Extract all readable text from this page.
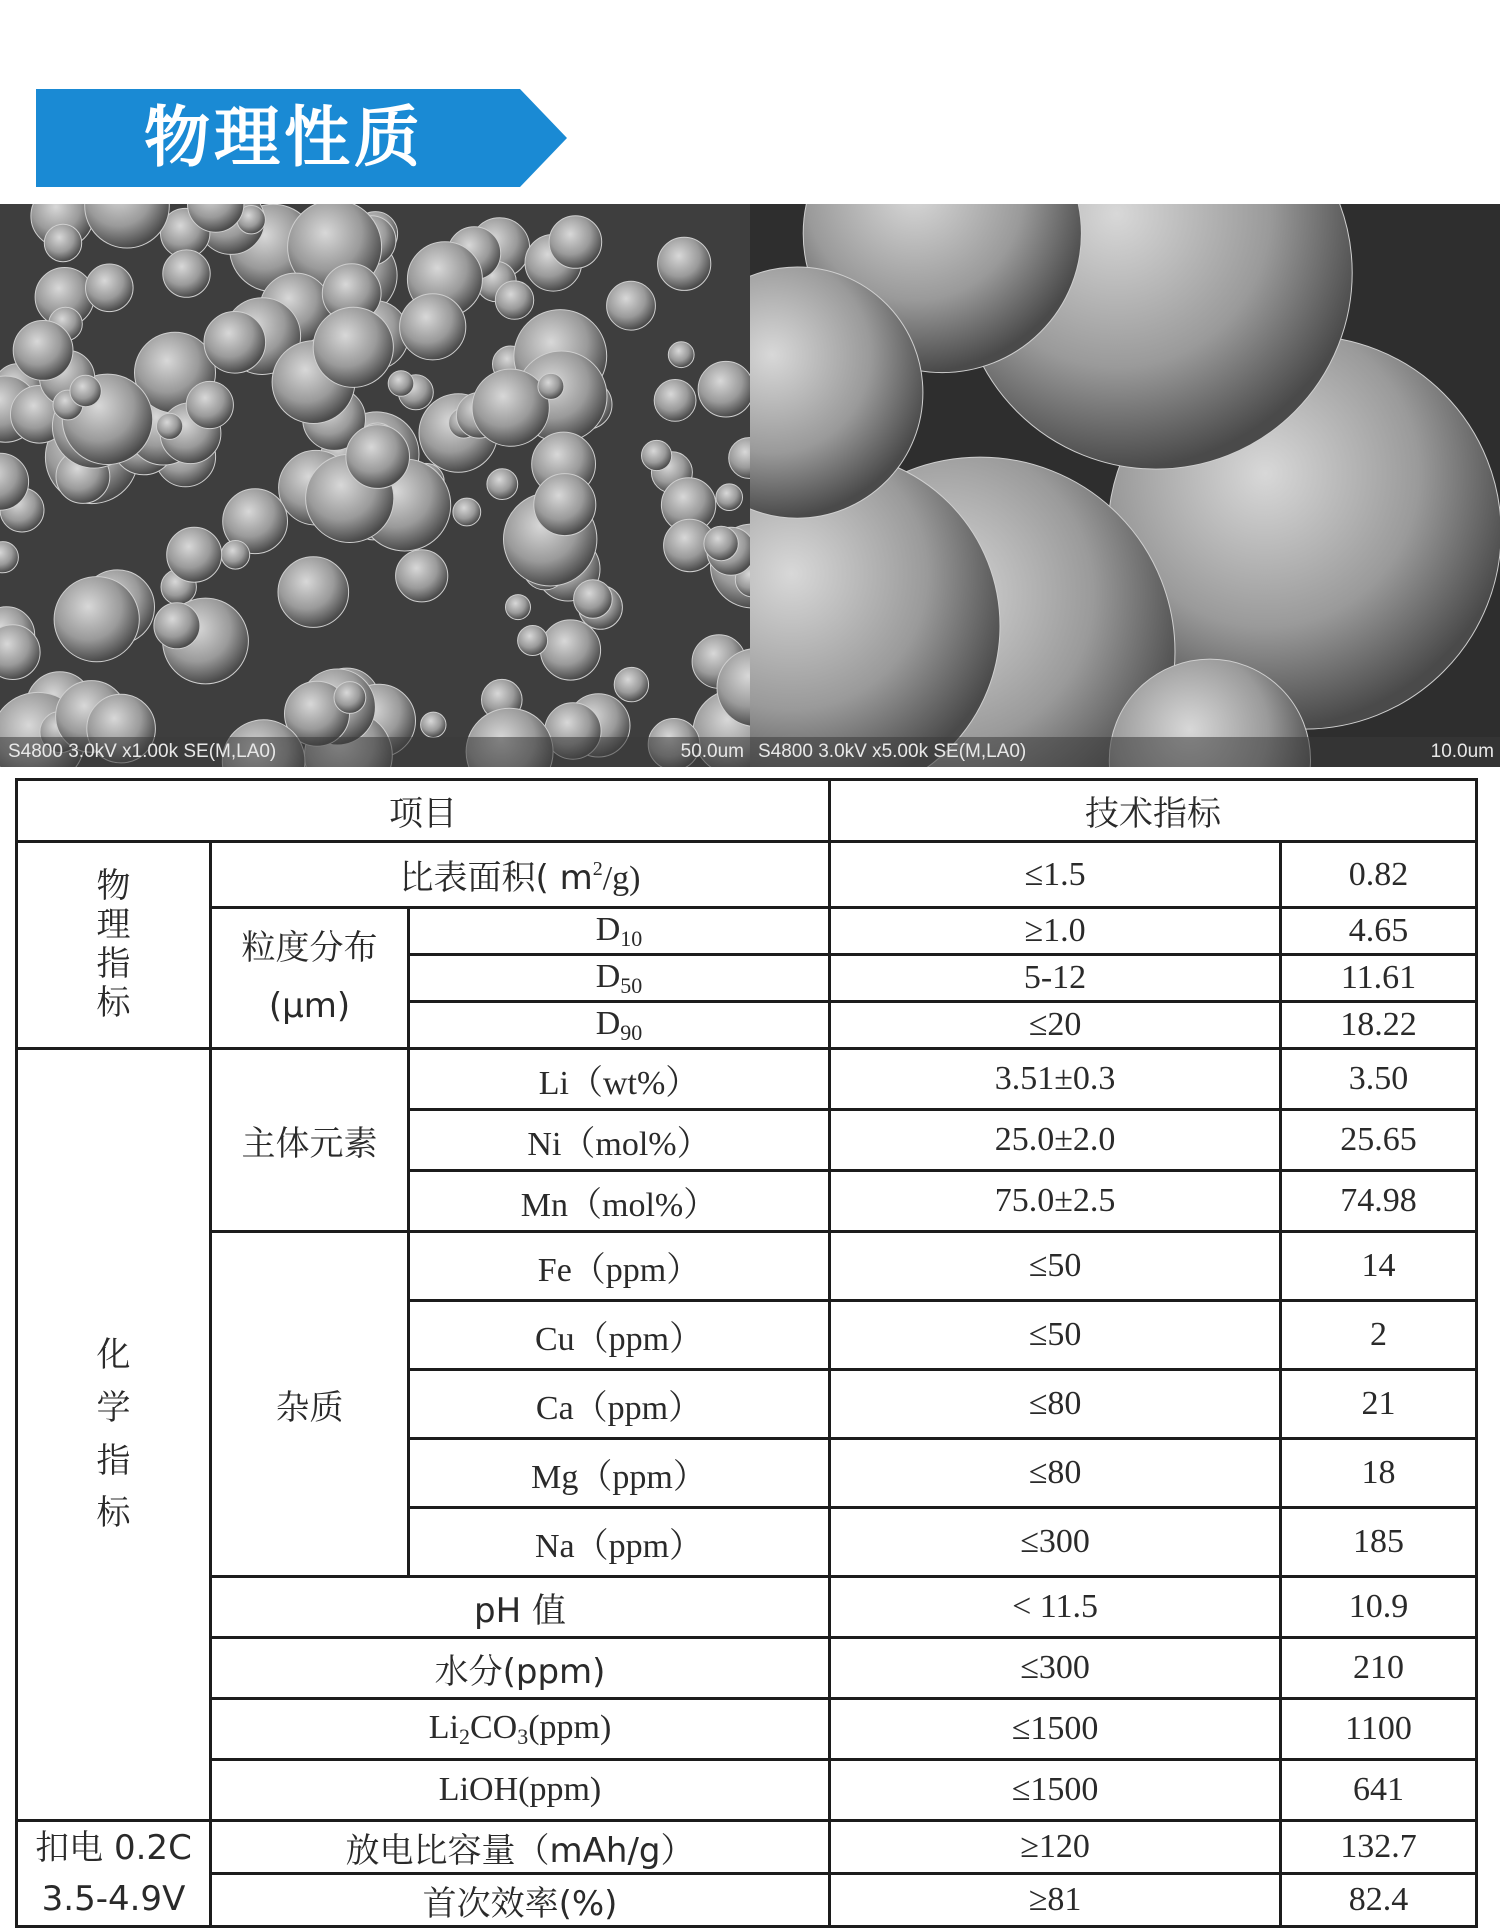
物理性质
S4800 3.0kV x1.00k SE(M,LA0)	50.0um S4800 3.0kV x5.00k SE(M,LA0)	10.0um
项目			技术指标	

物
理
指
标	比表面积( $m^2/g$)		≤1.5	0.82
	粒度分布
(μm)	$D_{10}$	≥1.0	4.65
		$D_{50}$	5-12	11.61
		$D_{90}$	≤20	18.22

化
学
指
标	主体元素	Li（wt%）	3.51±0.3	3.50
		Ni（mol%）	25.0±2.0	25.65
		Mn（mol%）	75.0±2.5	74.98
	杂质	Fe（ppm）	≤50	14
		Cu（ppm）	≤50	2
		Ca（ppm）	≤80	21
		Mg（ppm）	≤80	18
		Na（ppm）	≤300	185
	pH 值		< 11.5	10.9
	水分(ppm)		≤300	210
	$Li_2CO_3(ppm)$		≤1500	1100
	LiOH(ppm)		≤1500	641
扣电 0.2C
3.5-4.9V	放电比容量（mAh/g）		≥120	132.7
	首次效率(%)		≥81	82.4
